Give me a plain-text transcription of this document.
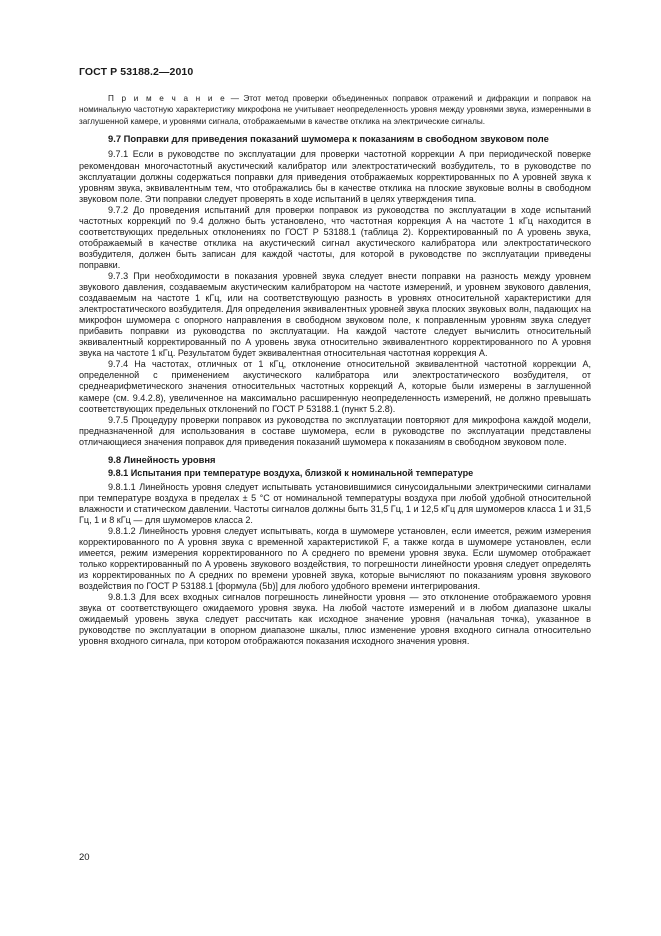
ГОСТ Р 53188.2—2010

П р и м е ч а н и е — Этот метод проверки объединенных поправок отражений и дифракции и поправок на номинальную частотную характеристику микрофона не учитывает неопределенность уровня между уровнями звука, измеренными в заглушенной камере, и уровнями сигнала, отображаемыми в качестве отклика на электрические сигналы.

9.7 Поправки для приведения показаний шумомера к показаниям в свободном звуковом поле

9.7.1 Если в руководстве по эксплуатации для проверки частотной коррекции A при периодической поверке рекомендован многочастотный акустический калибратор или электростатический возбудитель, то в руководстве по эксплуатации должны содержаться поправки для приведения отображаемых корректированных по A уровней звука к уровням звука, эквивалентным тем, что отображались бы в качестве отклика на плоские звуковые волны в свободном звуковом поле. Эти поправки следует проверять в ходе испытаний в целях утверждения типа.

9.7.2 До проведения испытаний для проверки поправок из руководства по эксплуатации в ходе испытаний частотных коррекций по 9.4 должно быть установлено, что частотная коррекция A на частоте 1 кГц находится в соответствующих предельных отклонениях по ГОСТ Р 53188.1 (таблица 2). Корректированный по A уровень звука, отображаемый в качестве отклика на акустический сигнал акустического калибратора или электростатического возбудителя, должен быть записан для каждой частоты, для которой в руководстве по эксплуатации приведены поправки.

9.7.3 При необходимости в показания уровней звука следует внести поправки на разность между уровнем звукового давления, создаваемым акустическим калибратором на частоте измерений, и уровнем звукового давления, создаваемым на частоте 1 кГц, или на соответствующую разность в уровнях относительной характеристики для электростатического возбудителя. Для определения эквивалентных уровней звука плоских звуковых волн, падающих на микрофон шумомера с опорного направления в свободном звуковом поле, к поправленным уровням звука следует прибавить поправки из руководства по эксплуатации. На каждой частоте следует вычислить относительный эквивалентный корректированный по A уровень звука относительно эквивалентного корректированного по A уровня звука на частоте 1 кГц. Результатом будет эквивалентная относительная частотная коррекция A.

9.7.4 На частотах, отличных от 1 кГц, отклонение относительной эквивалентной частотной коррекции A, определенной с применением акустического калибратора или электростатического возбудителя, от среднеарифметического значения относительных частотных коррекций A, которые были измерены в заглушенной камере (см. 9.4.2.8), увеличенное на максимально расширенную неопределенность измерений, не должно превышать соответствующих предельных отклонений по ГОСТ Р 53188.1 (пункт 5.2.8).

9.7.5 Процедуру проверки поправок из руководства по эксплуатации повторяют для микрофона каждой модели, предназначенной для использования в составе шумомера, если в руководстве по эксплуатации представлены отличающиеся значения поправок для приведения показаний шумомера к показаниям в свободном звуковом поле.

9.8 Линейность уровня
9.8.1 Испытания при температуре воздуха, близкой к номинальной температуре

9.8.1.1 Линейность уровня следует испытывать установившимися синусоидальными электрическими сигналами при температуре воздуха в пределах ± 5 °С от номинальной температуры воздуха при любой удобной относительной влажности и статическом давлении. Частоты сигналов должны быть 31,5 Гц, 1 и 12,5 кГц для шумомеров класса 1 и 31,5 Гц, 1 и 8 кГц — для шумомеров класса 2.

9.8.1.2 Линейность уровня следует испытывать, когда в шумомере установлен, если имеется, режим измерения корректированного по A уровня звука с временной характеристикой F, а также когда в шумомере установлен, если имеется, режим измерения корректированного по A среднего по времени уровня звука. Если шумомер отображает только корректированный по A уровень звукового воздействия, то погрешности линейности уровня следует определять из корректированных по A средних по времени уровней звука, которые вычисляют по показаниям уровня звукового воздействия по ГОСТ Р 53188.1 [формула (5b)] для любого удобного времени интегрирования.

9.8.1.3 Для всех входных сигналов погрешность линейности уровня — это отклонение отображаемого уровня звука от соответствующего ожидаемого уровня звука. На любой частоте измерений и в любом диапазоне шкалы ожидаемый уровень звука следует рассчитать как исходное значение уровня (начальная точка), указанное в руководстве по эксплуатации в опорном диапазоне шкалы, плюс изменение уровня входного сигнала относительно уровня входного сигнала, при котором отображаются показания исходного значения уровня.

20
